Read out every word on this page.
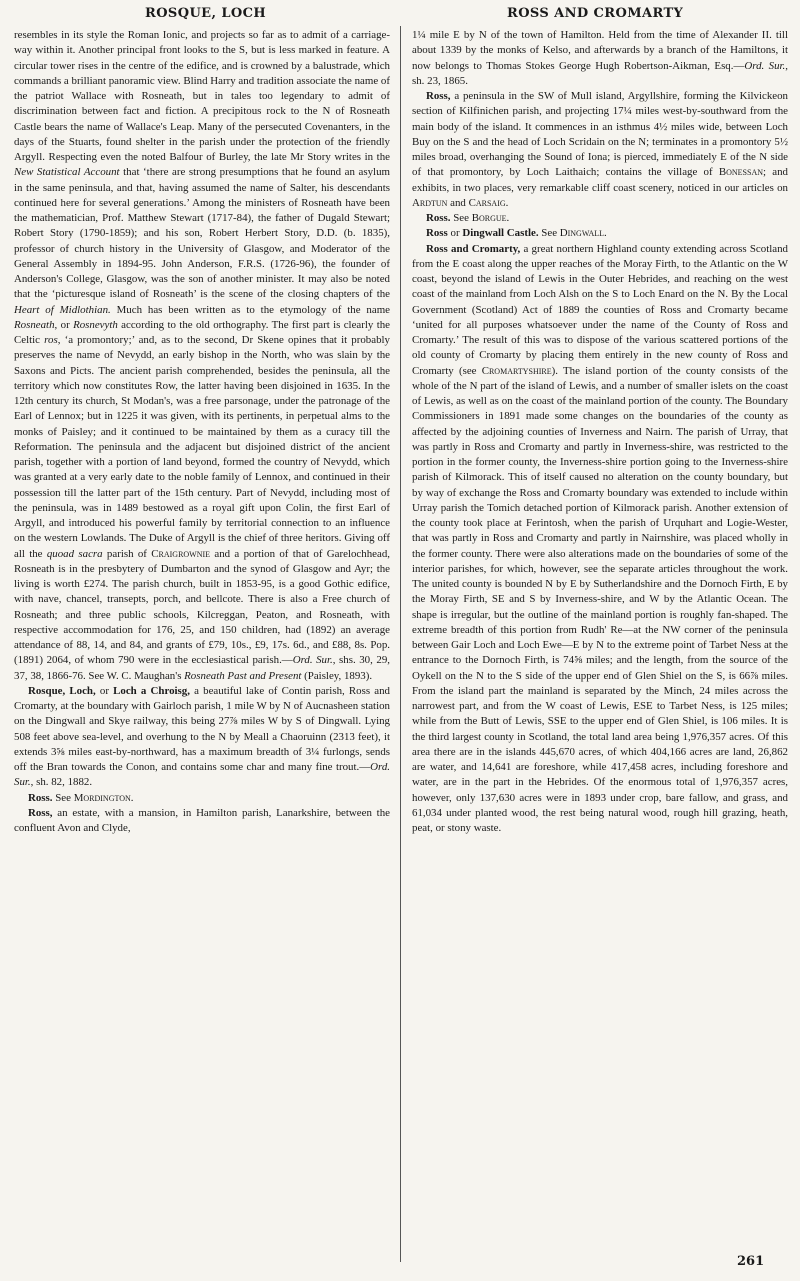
ROSQUE, LOCH	ROSS AND CROMARTY

resembles in its style the Roman Ionic, and projects so far as to admit of a carriage-way within it. Another principal front looks to the S, but is less marked in feature. A circular tower rises in the centre of the edifice, and is crowned by a balustrade, which commands a brilliant panoramic view. Blind Harry and tradition associate the name of the patriot Wallace with Rosneath, but in tales too legendary to admit of discrimination between fact and fiction. A precipitous rock to the N of Rosneath Castle bears the name of Wallace's Leap. Many of the persecuted Covenanters, in the days of the Stuarts, found shelter in the parish under the protection of the friendly Argyll. Respecting even the noted Balfour of Burley, the late Mr Story writes in the New Statistical Account that ‘there are strong presumptions that he found an asylum in the same peninsula, and that, having assumed the name of Salter, his descendants continued here for several generations.’ Among the ministers of Rosneath have been the mathematician, Prof. Matthew Stewart (1717-84), the father of Dugald Stewart; Robert Story (1790-1859); and his son, Robert Herbert Story, D.D. (b. 1835), professor of church history in the University of Glasgow, and Moderator of the General Assembly in 1894-95. John Anderson, F.R.S. (1726-96), the founder of Anderson's College, Glasgow, was the son of another minister. It may also be noted that the ‘picturesque island of Rosneath’ is the scene of the closing chapters of the Heart of Midlothian. Much has been written as to the etymology of the name Rosneath, or Rosnevyth according to the old orthography. The first part is clearly the Celtic ros, ‘a promontory;’ and, as to the second, Dr Skene opines that it probably preserves the name of Nevydd, an early bishop in the North, who was slain by the Saxons and Picts. The ancient parish comprehended, besides the peninsula, all the territory which now constitutes Row, the latter having been disjoined in 1635. In the 12th century its church, St Modan's, was a free parsonage, under the patronage of the Earl of Lennox; but in 1225 it was given, with its pertinents, in perpetual alms to the monks of Paisley; and it continued to be maintained by them as a curacy till the Reformation. The peninsula and the adjacent but disjoined district of the ancient parish, together with a portion of land beyond, formed the country of Nevydd, which was granted at a very early date to the noble family of Lennox, and continued in their possession till the latter part of the 15th century. Part of Nevydd, including most of the peninsula, was in 1489 bestowed as a royal gift upon Colin, the first Earl of Argyll, and introduced his powerful family by territorial connection to an influence on the western Lowlands. The Duke of Argyll is the chief of three heritors. Giving off all the quoad sacra parish of Craigrownie and a portion of that of Garelochhead, Rosneath is in the presbytery of Dumbarton and the synod of Glasgow and Ayr; the living is worth £274. The parish church, built in 1853-95, is a good Gothic edifice, with nave, chancel, transepts, porch, and bellcote. There is also a Free church of Rosneath; and three public schools, Kilcreggan, Peaton, and Rosneath, with respective accommodation for 176, 25, and 150 children, had (1892) an average attendance of 88, 14, and 84, and grants of £79, 10s., £9, 17s. 6d., and £88, 8s. Pop. (1891) 2064, of whom 790 were in the ecclesiastical parish.—Ord. Sur., shs. 30, 29, 37, 38, 1866-76. See W. C. Maughan's Rosneath Past and Present (Paisley, 1893).

Rosque, Loch, or Loch a Chroisg, a beautiful lake of Contin parish, Ross and Cromarty, at the boundary with Gairloch parish, 1 mile W by N of Aucnasheen station on the Dingwall and Skye railway, this being 27⅞ miles W by S of Dingwall. Lying 508 feet above sea-level, and overhung to the N by Meall a Chaoruinn (2313 feet), it extends 3⅝ miles east-by-northward, has a maximum breadth of 3¼ furlongs, sends off the Bran towards the Conon, and contains some char and many fine trout.—Ord. Sur., sh. 82, 1882.

Ross. See Mordington.

Ross, an estate, with a mansion, in Hamilton parish, Lanarkshire, between the confluent Avon and Clyde,

1¼ mile E by N of the town of Hamilton. Held from the time of Alexander II. till about 1339 by the monks of Kelso, and afterwards by a branch of the Hamiltons, it now belongs to Thomas Stokes George Hugh Robertson-Aikman, Esq.—Ord. Sur., sh. 23, 1865.

Ross, a peninsula in the SW of Mull island, Argyllshire, forming the Kilvickeon section of Kilfinichen parish, and projecting 17¼ miles west-by-southward from the main body of the island. It commences in an isthmus 4½ miles wide, between Loch Buy on the S and the head of Loch Scridain on the N; terminates in a promontory 5½ miles broad, overhanging the Sound of Iona; is pierced, immediately E of the N side of that promontory, by Loch Laithaich; contains the village of Bonessan; and exhibits, in two places, very remarkable cliff coast scenery, noticed in our articles on Ardtun and Carsaig.

Ross. See Borgue.

Ross or Dingwall Castle. See Dingwall.

Ross and Cromarty, a great northern Highland county extending across Scotland from the E coast along the upper reaches of the Moray Firth, to the Atlantic on the W coast, beyond the island of Lewis in the Outer Hebrides, and reaching on the west coast of the mainland from Loch Alsh on the S to Loch Enard on the N. By the Local Government (Scotland) Act of 1889 the counties of Ross and Cromarty became ‘united for all purposes whatsoever under the name of the County of Ross and Cromarty.’ The result of this was to dispose of the various scattered portions of the old county of Cromarty by placing them entirely in the new county of Ross and Cromarty (see Cromartyshire). The island portion of the county consists of the whole of the N part of the island of Lewis, and a number of smaller islets on the coast of Lewis, as well as on the coast of the mainland portion of the county. The Boundary Commissioners in 1891 made some changes on the boundaries of the county as affected by the adjoining counties of Inverness and Nairn. The parish of Urray, that was partly in Ross and Cromarty and partly in Inverness-shire, was restricted to the portion in the former county, the Inverness-shire portion going to the Inverness-shire parish of Kilmorack. This of itself caused no alteration on the county boundary, but by way of exchange the Ross and Cromarty boundary was extended to include within Urray parish the Tomich detached portion of Kilmorack parish. Another extension of the county took place at Ferintosh, when the parish of Urquhart and Logie-Wester, that was partly in Ross and Cromarty and partly in Nairnshire, was placed wholly in the former county. There were also alterations made on the boundaries of some of the interior parishes, for which, however, see the separate articles throughout the work. The united county is bounded N by E by Sutherlandshire and the Dornoch Firth, E by the Moray Firth, SE and S by Inverness-shire, and W by the Atlantic Ocean. The shape is irregular, but the outline of the mainland portion is roughly fan-shaped. The extreme breadth of this portion from Rudh' Re—at the NW corner of the peninsula between Gair Loch and Loch Ewe—E by N to the extreme point of Tarbet Ness at the entrance to the Dornoch Firth, is 74⅝ miles; and the length, from the source of the Oykell on the N to the S side of the upper end of Glen Shiel on the S, is 66⅞ miles. From the island part the mainland is separated by the Minch, 24 miles across the narrowest part, and from the W coast of Lewis, ESE to Tarbet Ness, is 125 miles; while from the Butt of Lewis, SSE to the upper end of Glen Shiel, is 106 miles. It is the third largest county in Scotland, the total land area being 1,976,357 acres. Of this area there are in the islands 445,670 acres, of which 404,166 acres are land, 26,862 are water, and 14,641 are foreshore, while 417,458 acres, including foreshore and water, are in the part in the Hebrides. Of the enormous total of 1,976,357 acres, however, only 137,630 acres were in 1893 under crop, bare fallow, and grass, and 61,034 under planted wood, the rest being natural wood, rough hill grazing, heath, peat, or stony waste.

261
